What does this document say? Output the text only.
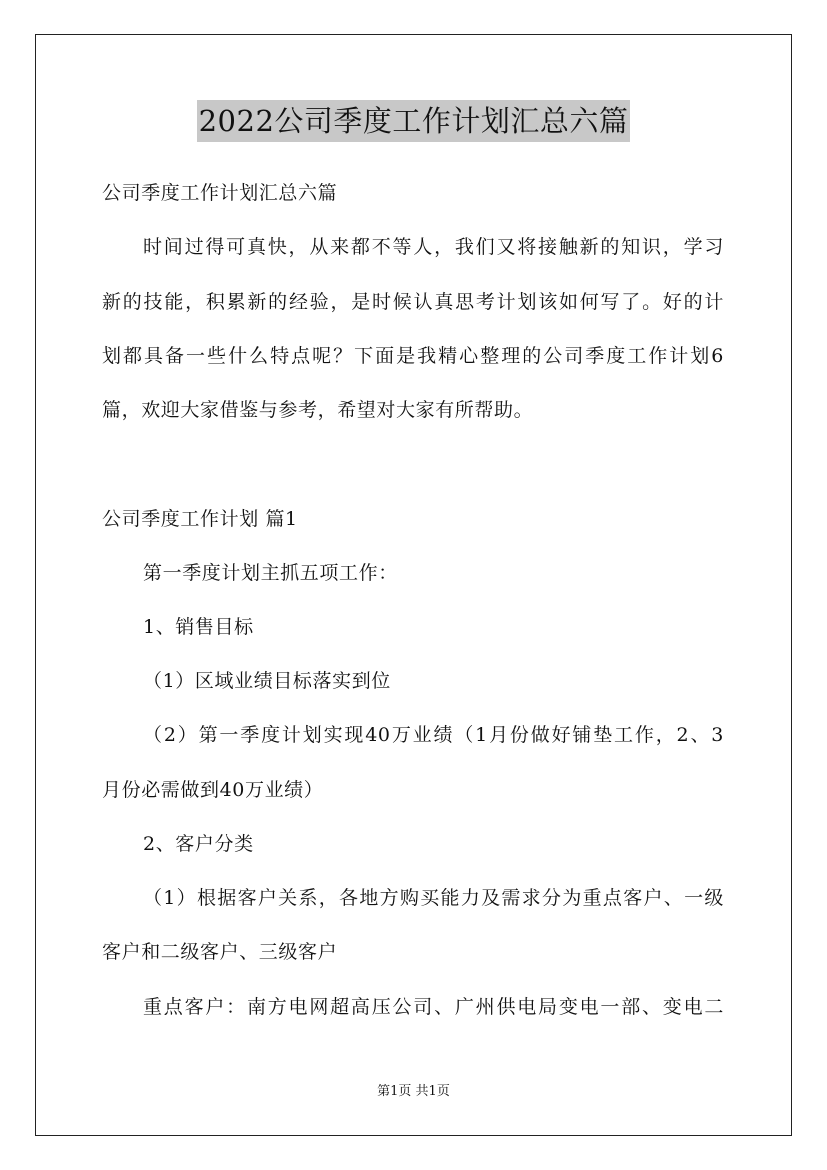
2022公司季度工作计划汇总六篇
公司季度工作计划汇总六篇
时间过得可真快，从来都不等人，我们又将接触新的知识，学习
新的技能，积累新的经验，是时候认真思考计划该如何写了。好的计
划都具备一些什么特点呢？下面是我精心整理的公司季度工作计划6
篇，欢迎大家借鉴与参考，希望对大家有所帮助。
公司季度工作计划 篇1
第一季度计划主抓五项工作：
1、销售目标
（1）区域业绩目标落实到位
（2）第一季度计划实现40万业绩（1月份做好铺垫工作，2、3
月份必需做到40万业绩）
2、客户分类
（1）根据客户关系，各地方购买能力及需求分为重点客户、一级
客户和二级客户、三级客户
重点客户：南方电网超高压公司、广州供电局变电一部、变电二
第1页 共1页
